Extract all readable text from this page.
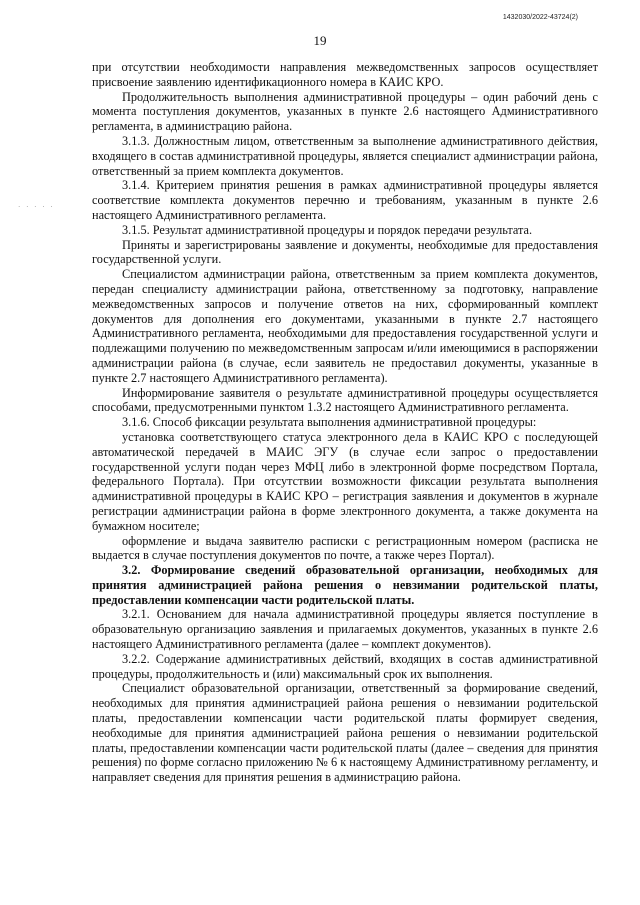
1432030/2022-43724(2)
19
· · · · ·

при отсутствии необходимости направления межведомственных запросов осуществляет присвоение заявлению идентификационного номера в КАИС КРО.

Продолжительность выполнения административной процедуры – один рабочий день с момента поступления документов, указанных в пункте 2.6 настоящего Административного регламента, в администрацию района.

3.1.3. Должностным лицом, ответственным за выполнение административного действия, входящего в состав административной процедуры, является специалист администрации района, ответственный за прием комплекта документов.

3.1.4. Критерием принятия решения в рамках административной процедуры является соответствие комплекта документов перечню и требованиям, указанным в пункте 2.6 настоящего Административного регламента.

3.1.5. Результат административной процедуры и порядок передачи результата.

Приняты и зарегистрированы заявление и документы, необходимые для предоставления государственной услуги.

Специалистом администрации района, ответственным за прием комплекта документов, передан специалисту администрации района, ответственному за подготовку, направление межведомственных запросов и получение ответов на них, сформированный комплект документов для дополнения его документами, указанными в пункте 2.7 настоящего Административного регламента, необходимыми для предоставления государственной услуги и подлежащими получению по межведомственным запросам и/или имеющимися в распоряжении администрации района (в случае, если заявитель не предоставил документы, указанные в пункте 2.7 настоящего Административного регламента).

Информирование заявителя о результате административной процедуры осуществляется способами, предусмотренными пунктом 1.3.2 настоящего Административного регламента.

3.1.6. Способ фиксации результата выполнения административной процедуры:

установка соответствующего статуса электронного дела в КАИС КРО с последующей автоматической передачей в МАИС ЭГУ (в случае если запрос о предоставлении государственной услуги подан через МФЦ либо в электронной форме посредством Портала, федерального Портала). При отсутствии возможности фиксации результата выполнения административной процедуры в КАИС КРО – регистрация заявления и документов в журнале регистрации администрации района в форме электронного документа, а также документа на бумажном носителе;

оформление и выдача заявителю расписки с регистрационным номером (расписка не выдается в случае поступления документов по почте, а также через Портал).

3.2. Формирование сведений образовательной организации, необходимых для принятия администрацией района решения о невзимании родительской платы, предоставлении компенсации части родительской платы.

3.2.1. Основанием для начала административной процедуры является поступление в образовательную организацию заявления и прилагаемых документов, указанных в пункте 2.6 настоящего Административного регламента (далее – комплект документов).

3.2.2. Содержание административных действий, входящих в состав административной процедуры, продолжительность и (или) максимальный срок их выполнения.

Специалист образовательной организации, ответственный за формирование сведений, необходимых для принятия администрацией района решения о невзимании родительской платы, предоставлении компенсации части родительской платы формирует сведения, необходимые для принятия администрацией района решения о невзимании родительской платы, предоставлении компенсации части родительской платы (далее – сведения для принятия решения) по форме согласно приложению № 6 к настоящему Административному регламенту, и направляет сведения для принятия решения в администрацию района.
